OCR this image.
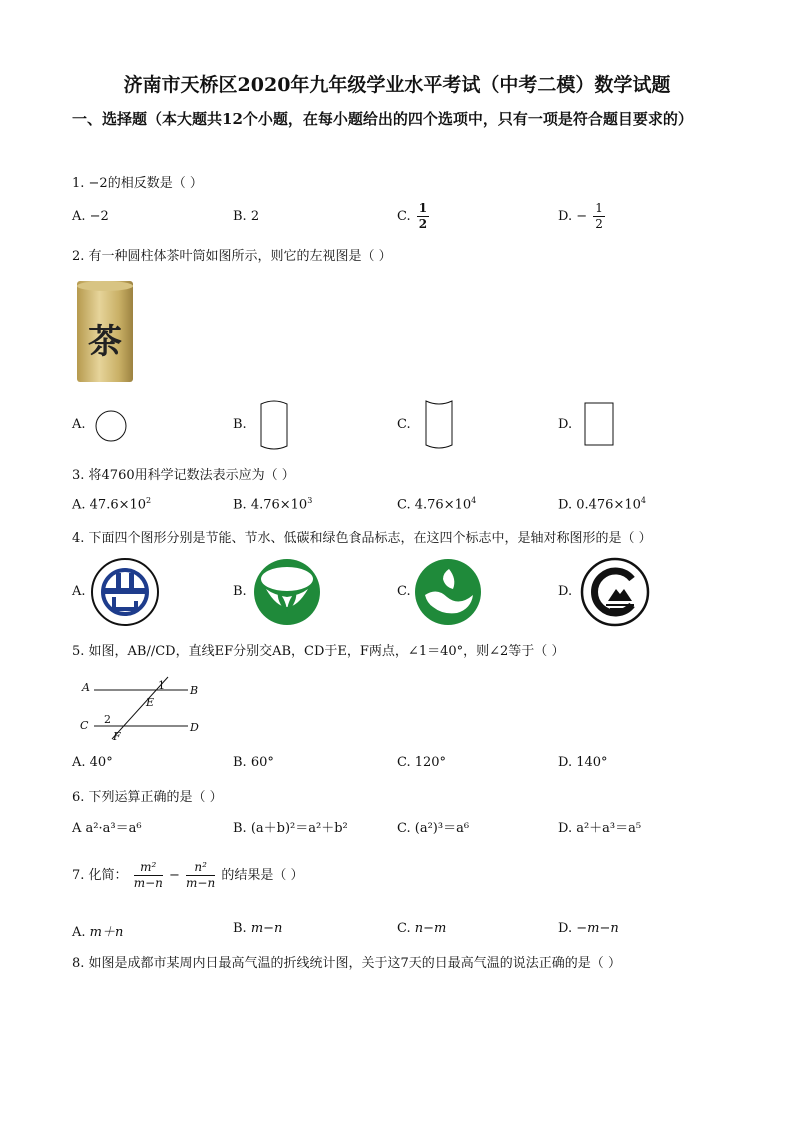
济南市天桥区2020年九年级学业水平考试（中考二模）数学试题
一、选择题（本大题共12个小题，在每小题给出的四个选项中，只有一项是符合题目要求的）
1. −2的相反数是（ ）
A. −2	B. 2	C. $\frac{1}{2}$	D. − $\frac{1}{2}$
2. 有一种圆柱体茶叶筒如图所示，则它的左视图是（ ）
茶
A.	B.	C.	D.
3. 将4760用科学记数法表示应为（ ）
A. $47.6\times 10^2$	B. $4.76\times 10^3$	C. $4.76\times 10^4$	D. $0.476\times 10^4$
4. 下面四个图形分别是节能、节水、低碳和绿色食品标志，在这四个标志中，是轴对称图形的是（ ）
A.	B.	C.	D.
5. 如图，AB//CD，直线EF分别交AB，CD于E，F两点，∠1＝40°，则∠2等于（ ）
A	B
C	D
E
F
1
2
A. 40°	B. 60°	C. 120°	D. 140°
6. 下列运算正确的是（ ）
A a²·a³＝a⁶	B. (a＋b)²＝a²＋b²	C. (a²)³＝a⁶	D. a²＋a³＝a⁵
7. 化简： $\frac{\text{m²}}{m-n} - \frac{\text{n²}}{m-n}$ 的结果是（ ）
A. m＋n	B. m−n	C. n−m	D. −m−n
8. 如图是成都市某周内日最高气温的折线统计图，关于这7天的日最高气温的说法正确的是（ ）
